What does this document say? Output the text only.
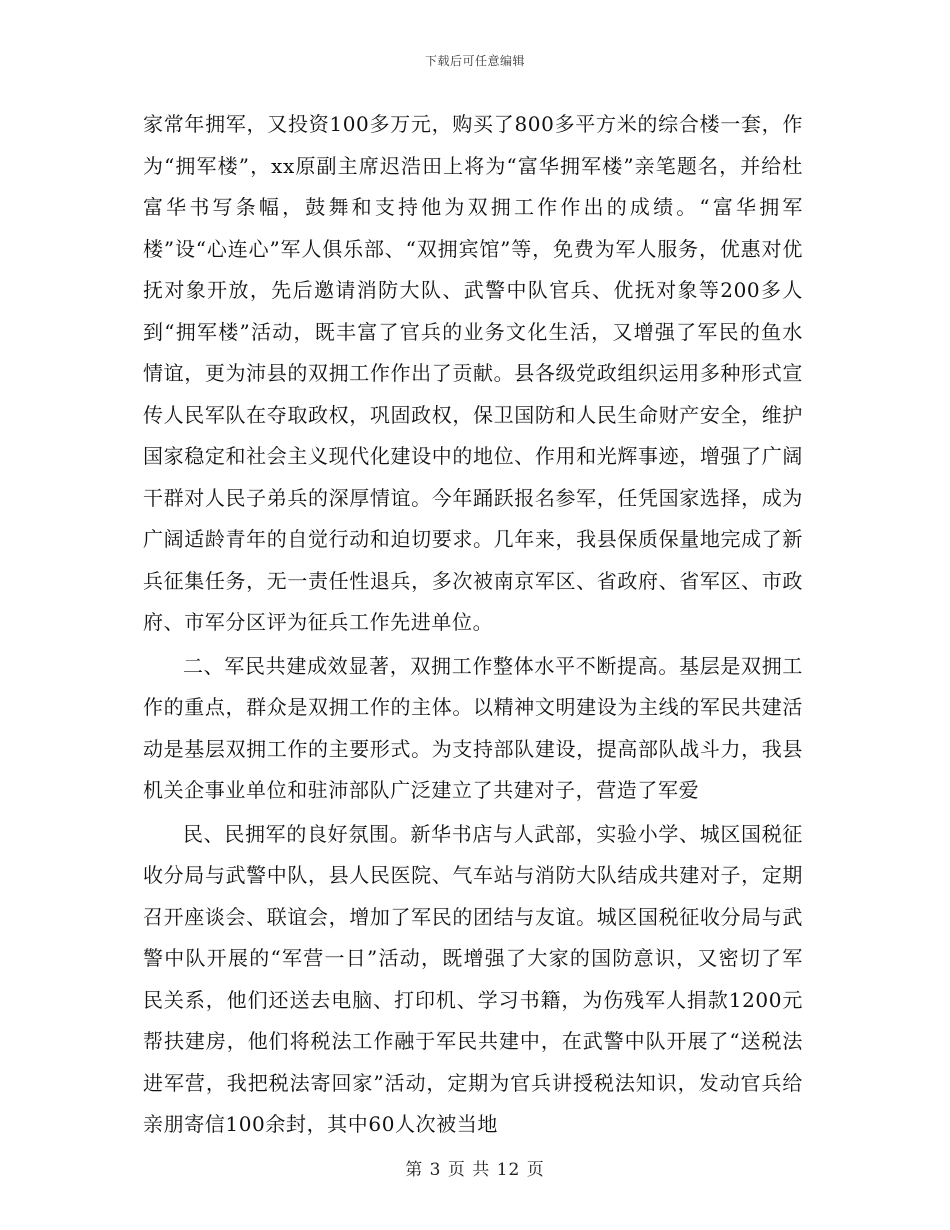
下载后可任意编辑

家常年拥军，又投资100多万元，购买了800多平方米的综合楼一套，作为“拥军楼”，xx原副主席迟浩田上将为“富华拥军楼”亲笔题名，并给杜富华书写条幅，鼓舞和支持他为双拥工作作出的成绩。“富华拥军楼”设“心连心”军人俱乐部、“双拥宾馆”等，免费为军人服务，优惠对优抚对象开放，先后邀请消防大队、武警中队官兵、优抚对象等200多人到“拥军楼”活动，既丰富了官兵的业务文化生活，又增强了军民的鱼水情谊，更为沛县的双拥工作作出了贡献。县各级党政组织运用多种形式宣传人民军队在夺取政权，巩固政权，保卫国防和人民生命财产安全，维护国家稳定和社会主义现代化建设中的地位、作用和光辉事迹，增强了广阔干群对人民子弟兵的深厚情谊。今年踊跃报名参军，任凭国家选择，成为广阔适龄青年的自觉行动和迫切要求。几年来，我县保质保量地完成了新兵征集任务，无一责任性退兵，多次被南京军区、省政府、省军区、市政府、市军分区评为征兵工作先进单位。

二、军民共建成效显著，双拥工作整体水平不断提高。基层是双拥工作的重点，群众是双拥工作的主体。以精神文明建设为主线的军民共建活动是基层双拥工作的主要形式。为支持部队建设，提高部队战斗力，我县机关企事业单位和驻沛部队广泛建立了共建对子，营造了军爱

民、民拥军的良好氛围。新华书店与人武部，实验小学、城区国税征收分局与武警中队，县人民医院、气车站与消防大队结成共建对子，定期召开座谈会、联谊会，增加了军民的团结与友谊。城区国税征收分局与武警中队开展的“军营一日”活动，既增强了大家的国防意识，又密切了军民关系，他们还送去电脑、打印机、学习书籍，为伤残军人捐款1200元帮扶建房，他们将税法工作融于军民共建中，在武警中队开展了“送税法进军营，我把税法寄回家”活动，定期为官兵讲授税法知识，发动官兵给亲朋寄信100余封，其中60人次被当地

第 3 页 共 12 页
